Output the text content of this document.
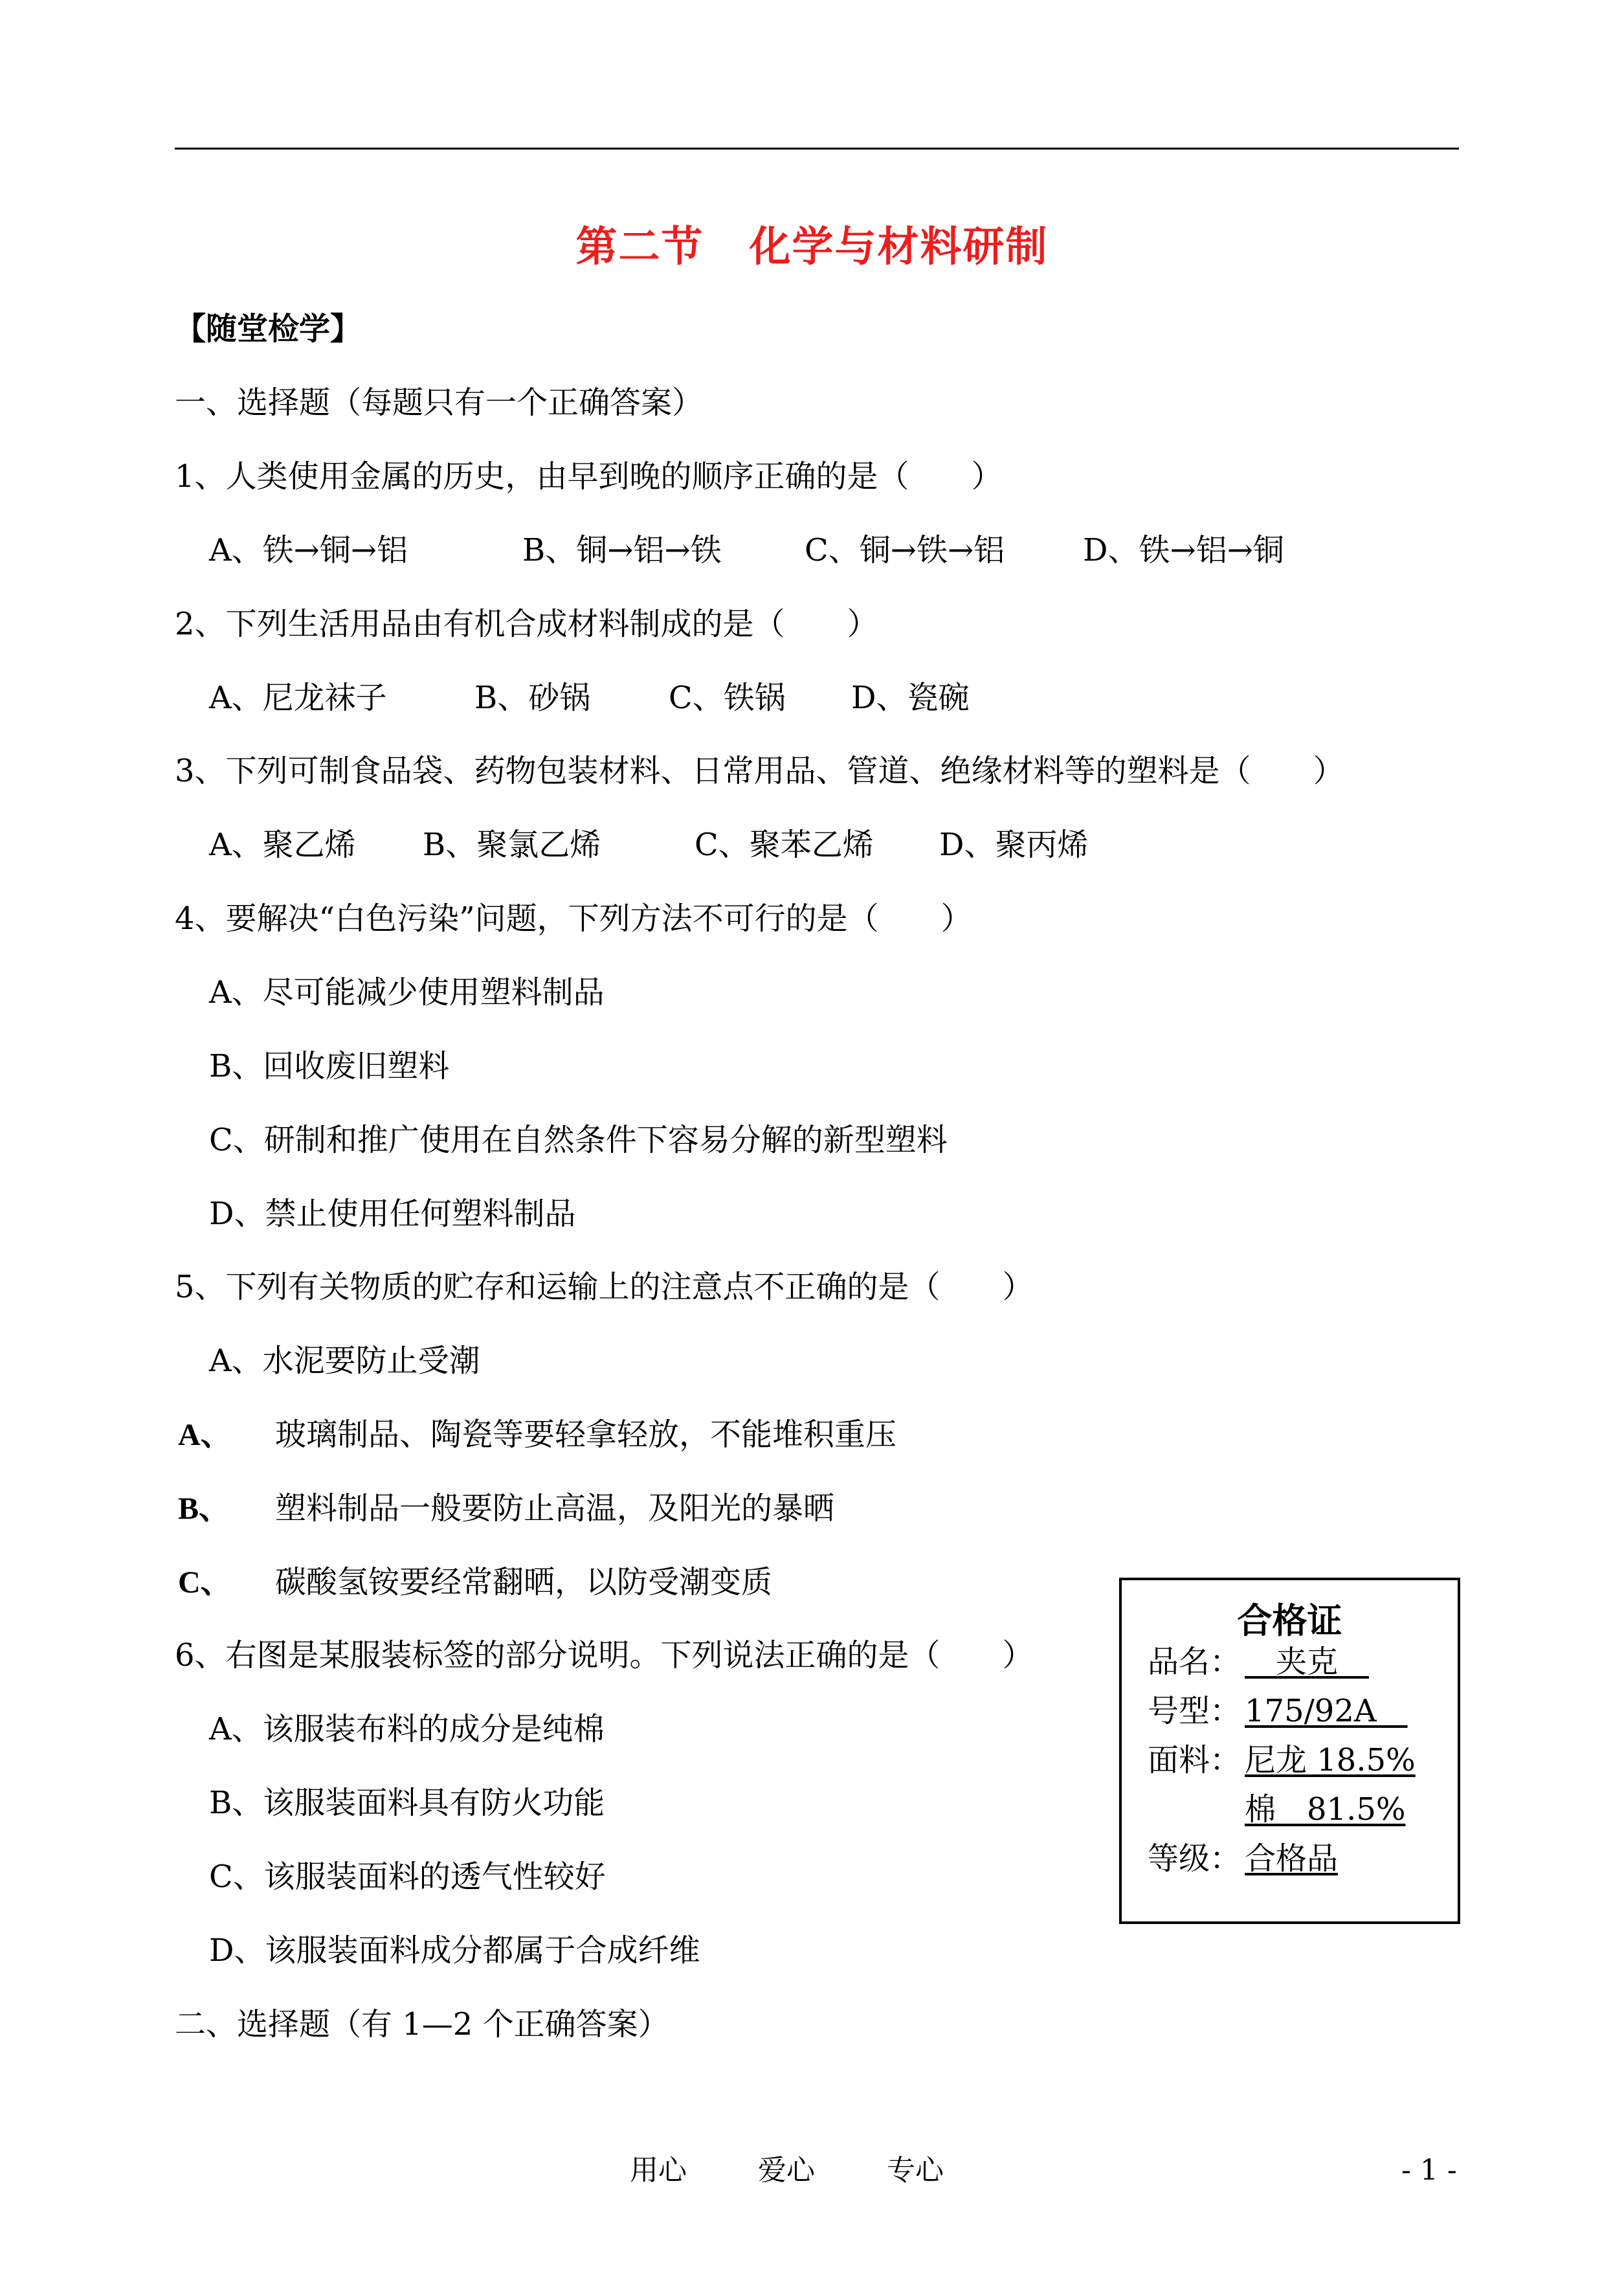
第二节 化学与材料研制
【随堂检学】
一、选择题（每题只有一个正确答案）
1、人类使用金属的历史，由早到晚的顺序正确的是（　　）
A、铁→铜→铝	B、铜→铝→铁	C、铜→铁→铝	D、铁→铝→铜
2、下列生活用品由有机合成材料制成的是（　　）
A、尼龙袜子	B、砂锅	C、铁锅 D、瓷碗
3、下列可制食品袋、药物包装材料、日常用品、管道、绝缘材料等的塑料是（　　）
A、聚乙烯 B、聚氯乙烯	C、聚苯乙烯 D、聚丙烯
4、要解决“白色污染”问题，下列方法不可行的是（　　）
A、尽可能减少使用塑料制品
B、回收废旧塑料
C、研制和推广使用在自然条件下容易分解的新型塑料
D、禁止使用任何塑料制品
5、下列有关物质的贮存和运输上的注意点不正确的是（　　）
A、水泥要防止受潮
A、 玻璃制品、陶瓷等要轻拿轻放，不能堆积重压
B、 塑料制品一般要防止高温，及阳光的暴晒
C、 碳酸氢铵要经常翻晒，以防受潮变质
6、右图是某服装标签的部分说明。下列说法正确的是（　　）
A、该服装布料的成分是纯棉
B、该服装面料具有防火功能
C、该服装面料的透气性较好
D、该服装面料成分都属于合成纤维
二、选择题（有 1—2 个正确答案）
合格证
品名：　夹克　
号型： 175/92A　
面料： 尼龙 18.5%
棉　81.5%
等级： 合格品
用心	爱心	专心	- 1 -
